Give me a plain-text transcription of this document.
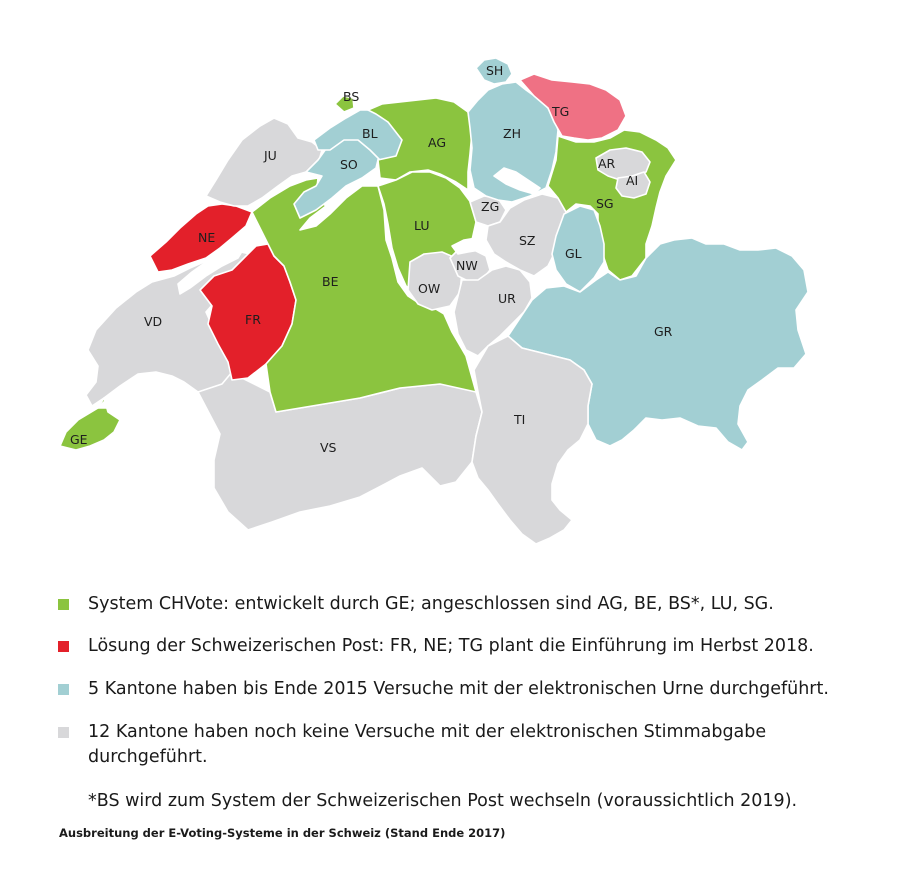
SH
BS
TG
BL
AG
ZH
JU
SO	AR
AI
SG
ZG
NE
LU
SZ
GL
NW
BE	OW
UR
FR
VD
GR
TI
GE
VS
System CHVote: entwickelt durch GE; angeschlossen sind AG, BE, BS*, LU, SG.
Lösung der Schweizerischen Post: FR, NE; TG plant die Einführung im Herbst 2018.
5 Kantone haben bis Ende 2015 Versuche mit der elektronischen Urne durchgeführt.
12 Kantone haben noch keine Versuche mit der elektronischen Stimmabgabe durchgeführt.
*BS wird zum System der Schweizerischen Post wechseln (voraussichtlich 2019).
Ausbreitung der E-Voting-Systeme in der Schweiz (Stand Ende 2017)
